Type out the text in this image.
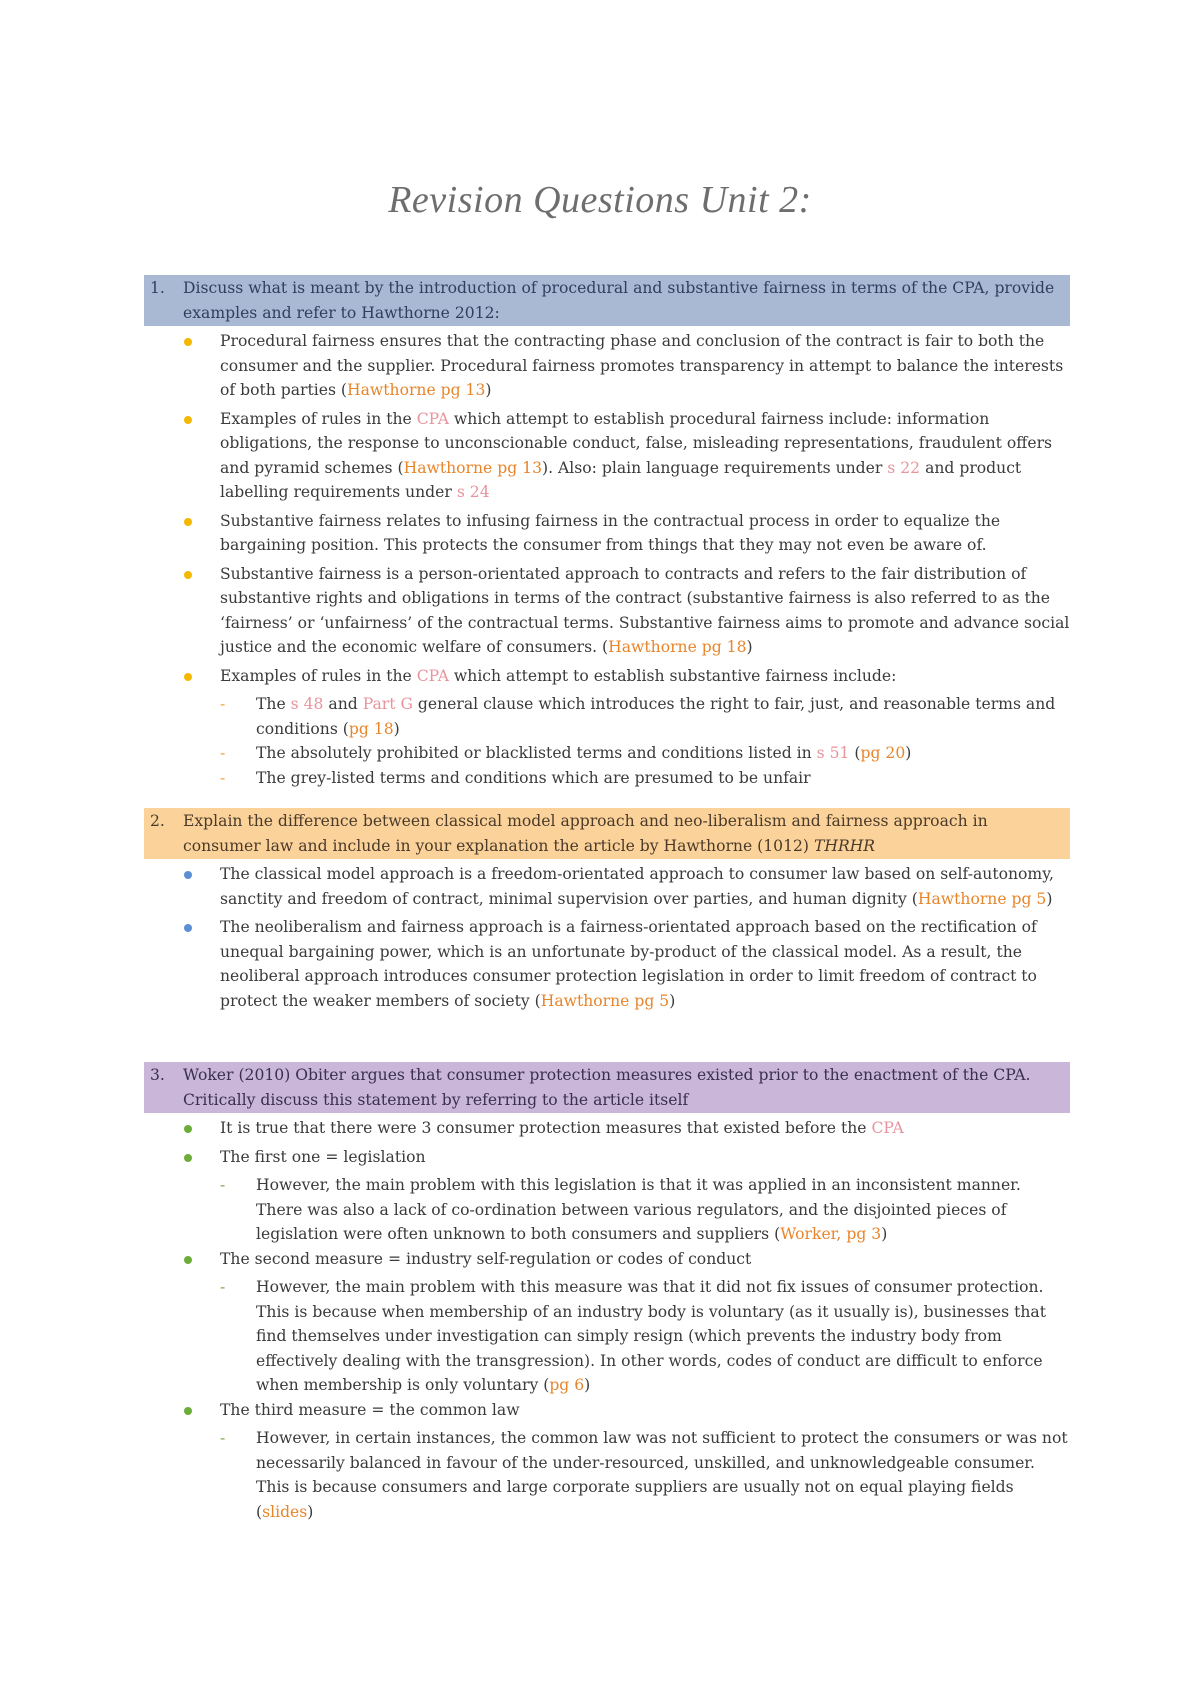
Revision Questions Unit 2:
1. Discuss what is meant by the introduction of procedural and substantive fairness in terms of the CPA, provide examples and refer to Hawthorne 2012:
Procedural fairness ensures that the contracting phase and conclusion of the contract is fair to both the consumer and the supplier. Procedural fairness promotes transparency in attempt to balance the interests of both parties (Hawthorne pg 13)
Examples of rules in the CPA which attempt to establish procedural fairness include: information obligations, the response to unconscionable conduct, false, misleading representations, fraudulent offers and pyramid schemes (Hawthorne pg 13). Also: plain language requirements under s 22 and product labelling requirements under s 24
Substantive fairness relates to infusing fairness in the contractual process in order to equalize the bargaining position. This protects the consumer from things that they may not even be aware of.
Substantive fairness is a person-orientated approach to contracts and refers to the fair distribution of substantive rights and obligations in terms of the contract (substantive fairness is also referred to as the ‘fairness’ or ‘unfairness’ of the contractual terms. Substantive fairness aims to promote and advance social justice and the economic welfare of consumers. (Hawthorne pg 18)
Examples of rules in the CPA which attempt to establish substantive fairness include:
- The s 48 and Part G general clause which introduces the right to fair, just, and reasonable terms and conditions (pg 18)
- The absolutely prohibited or blacklisted terms and conditions listed in s 51 (pg 20)
- The grey-listed terms and conditions which are presumed to be unfair
2. Explain the difference between classical model approach and neo-liberalism and fairness approach in consumer law and include in your explanation the article by Hawthorne (1012) THRHR
The classical model approach is a freedom-orientated approach to consumer law based on self-autonomy, sanctity and freedom of contract, minimal supervision over parties, and human dignity (Hawthorne pg 5)
The neoliberalism and fairness approach is a fairness-orientated approach based on the rectification of unequal bargaining power, which is an unfortunate by-product of the classical model. As a result, the neoliberal approach introduces consumer protection legislation in order to limit freedom of contract to protect the weaker members of society (Hawthorne pg 5)
3. Woker (2010) Obiter argues that consumer protection measures existed prior to the enactment of the CPA. Critically discuss this statement by referring to the article itself
It is true that there were 3 consumer protection measures that existed before the CPA
The first one = legislation
- However, the main problem with this legislation is that it was applied in an inconsistent manner. There was also a lack of co-ordination between various regulators, and the disjointed pieces of legislation were often unknown to both consumers and suppliers (Worker, pg 3)
The second measure = industry self-regulation or codes of conduct
- However, the main problem with this measure was that it did not fix issues of consumer protection. This is because when membership of an industry body is voluntary (as it usually is), businesses that find themselves under investigation can simply resign (which prevents the industry body from effectively dealing with the transgression). In other words, codes of conduct are difficult to enforce when membership is only voluntary (pg 6)
The third measure = the common law
- However, in certain instances, the common law was not sufficient to protect the consumers or was not necessarily balanced in favour of the under-resourced, unskilled, and unknowledgeable consumer. This is because consumers and large corporate suppliers are usually not on equal playing fields (slides)
